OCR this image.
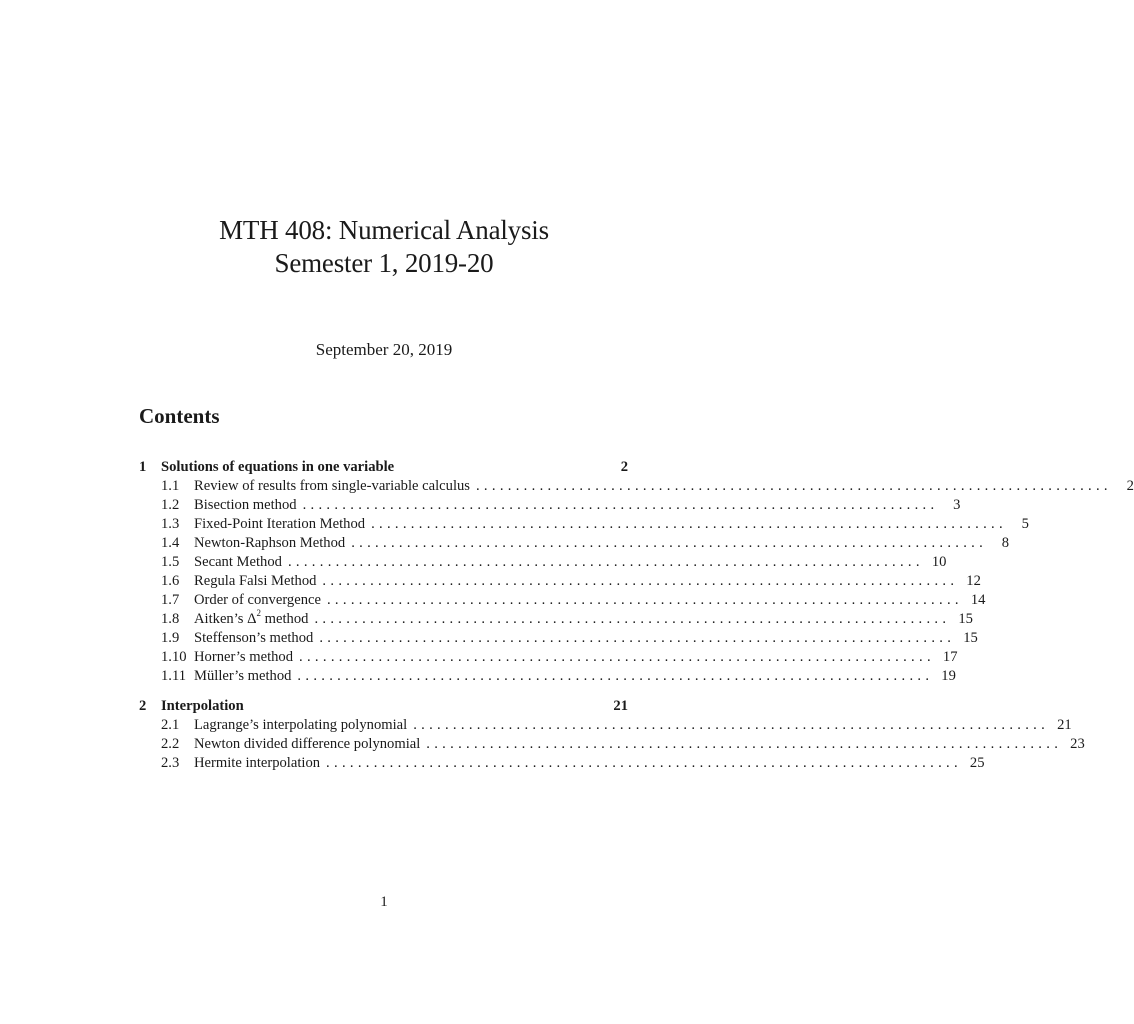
MTH 408: Numerical Analysis
Semester 1, 2019-20
September 20, 2019
Contents
1	Solutions of equations in one variable	2
1.1	Review of results from single-variable calculus ................................................................................	2
1.2	Bisection method ................................................................................	3
1.3	Fixed-Point Iteration Method ................................................................................	5
1.4	Newton-Raphson Method ................................................................................	8
1.5	Secant Method ................................................................................ 10
1.6	Regula Falsi Method ................................................................................ 12
1.7	Order of convergence ................................................................................ 14
1.8	Aitken’s $\Delta^2$ method ................................................................................ 15
1.9	Steffenson’s method ................................................................................ 15
1.10 Horner’s method ................................................................................ 17
1.11 Müller’s method ................................................................................ 19
2	Interpolation	21
2.1	Lagrange’s interpolating polynomial ................................................................................ 21
2.2	Newton divided difference polynomial ................................................................................ 23
2.3	Hermite interpolation ................................................................................ 25
1
